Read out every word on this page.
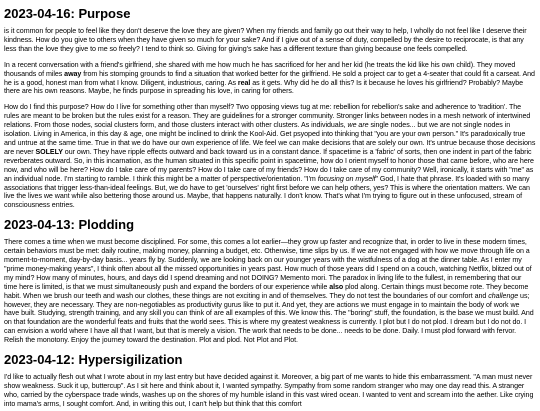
2023-04-16: Purpose

is it common for people to feel like they don't deserve the love they are given? When my friends and family go out their way to help, I wholly do not feel like I deserve their kindness. How do you give to others when they have given so much for your sake? And if I give out of a sense of duty, compelled by the desire to reciprocate, is that any less than the love they give to me so freely? I tend to think so. Giving for giving's sake has a different texture than giving because one feels compelled.

In a recent conversation with a friend's girlfriend, she shared with me how much he has sacrificed for her and her kid (he treats the kid like his own child). They moved thousands of miles away from his stomping grounds to find a situation that worked better for the girlfriend. He sold a project car to get a 4-seater that could fit a carseat. And he is a good, honest man from what I know. Diligent, industrious, caring. As real as it gets. Why did he do all this? Is it because he loves his girlfriend? Probably? Maybe there are his own reasons. Maybe, he finds purpose in spreading his love, in caring for others.

How do I find this purpose? How do I live for something other than myself? Two opposing views tug at me: rebellion for rebellion's sake and adherence to 'tradition'. The rules are meant to be broken but the rules exist for a reason. They are guidelines for a stronger community. Stronger links between nodes in a mesh network of intertwined relations. From those nodes, social clusters form, and those clusters interact with other clusters. As individuals, we are single nodes... but we are not single nodes in isolation. Living in America, in this day & age, one might be inclined to drink the Kool-Aid. Get psyoped into thinking that "you are your own person." It's paradoxically true and untrue at the same time. True in that we do have our own experience of life. We feel we can make decisions that are solely our own. It's untrue because those decisions are never SOLELY our own. They have ripple effects outward and back toward us in a constant dance. If spacetime is a 'fabric' of sorts, then one indent in part of the fabric reverberates outward. So, in this incarnation, as the human situated in this specific point in spacetime, how do I orient myself to honor those that came before, who are here now, and who will be here? How do I take care of my parents? How do I take care of my friends? How do I take care of my community? Well, ironically, it starts with "me" as an individual node. I'm starting to ramble. I think this might be a matter of perspective/orientation. "I'm focusing on myself" God, I hate that phrase. It's loaded with so many associations that trigger less-than-ideal feelings. But, we do have to get 'ourselves' right first before we can help others, yes? This is where the orientation matters. We can live the lives we want while also bettering those around us. Maybe, that happens naturally. I don't know. That's what I'm trying to figure out in these unfocused, stream of consciousness entries.

2023-04-13: Plodding

There comes a time when we must become disciplined. For some, this comes a lot earlier—they grow up faster and recognize that, in order to live in these modern times, certain behaviors must be met: daily routine, making money, planning a budget, etc. Otherwise, time slips by us. If we are not engaged with how we move through life on a moment-to-moment, day-by-day basis... years fly by. Suddenly, we are looking back on our younger years with the wistfulness of a dog at the dinner table. As I enter my "prime money-making years", I think often about all the missed opportunities in years past. How much of those years did I spend on a couch, watching Netflix, blitzed out of my mind? How many of minutes, hours, and days did I spend dreaming and not DOING? Memento mori. The paradox in living life to the fullest, in remembering that our time here is limited, is that we must simultaneously push and expand the borders of our experience while also plod along. Certain things must become rote. They become habit. When we brush our teeth and wash our clothes, these things are not exciting in and of themselves. They do not test the boundaries of our comfort and challenge us; however, they are necessary. They are non-negotiables as productivity gurus like to put it. And yet, they are actions we must engage in to maintain the body of work we have built. Studying, strength training, and any skill you can think of are all examples of this. We know this. The "boring" stuff, the foundation, is the base we must build. And on that foundation are the wonderful feats and fruits that the world sees. This is where my greatest weakness is currently. I plot but I do not plod. I dream but I do not do. I can envision a world where I have all that I want, but that is merely a vision. The work that needs to be done... needs to be done. Daily. I must plod forward with fervor. Relish the monotony. Enjoy the journey toward the destination. Plot and plod. Not Plot and Plot.

2023-04-12: Hypersigilization

I'd like to actually flesh out what I wrote about in my last entry but have decided against it. Moreover, a big part of me wants to hide this embarrassment. "A man must never show weakness. Suck it up, buttercup". As I sit here and think about it, I wanted sympathy. Sympathy from some random stranger who may one day read this. A stranger who, carried by the cyberspace trade winds, washes up on the shores of my humble island in this vast wired ocean. I wanted to vent and scream into the aether. Like crying into mama's arms, I sought comfort. And, in writing this out, I can't help but think that this comfort
